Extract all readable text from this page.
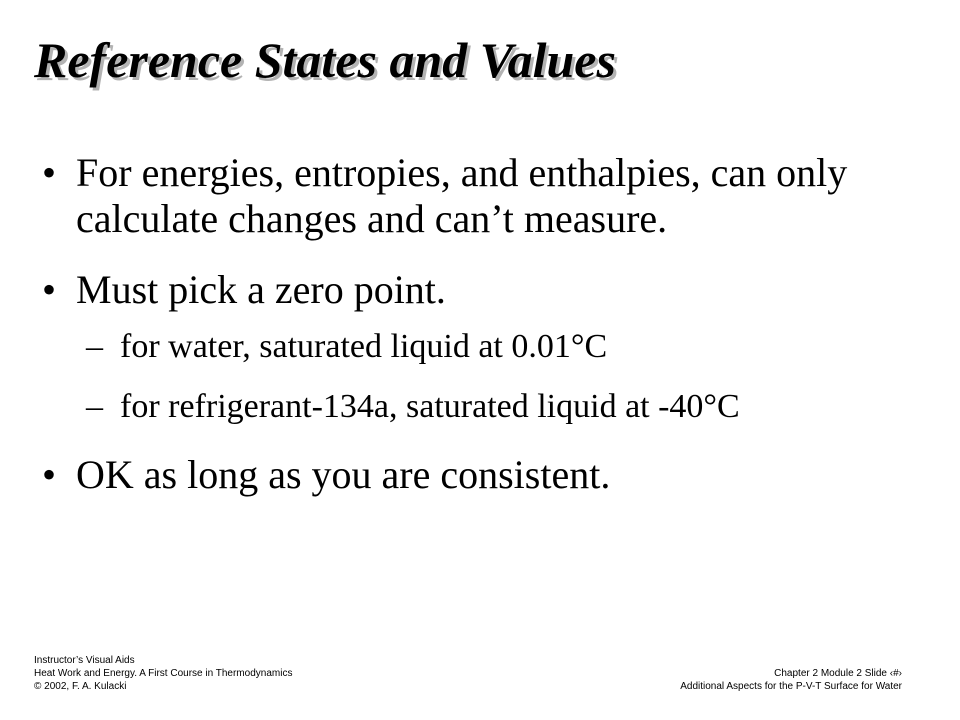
Reference States and Values
• For energies, entropies, and enthalpies, can only calculate changes and can’t measure.
• Must pick a zero point.
– for water, saturated liquid at 0.01°C
– for refrigerant-134a, saturated liquid at -40°C
• OK as long as you are consistent.
Instructor’s Visual Aids
Heat Work and Energy. A First Course in Thermodynamics
© 2002, F. A. Kulacki
Chapter 2 Module 2 Slide ‹#›
Additional Aspects for the P-V-T Surface for Water
